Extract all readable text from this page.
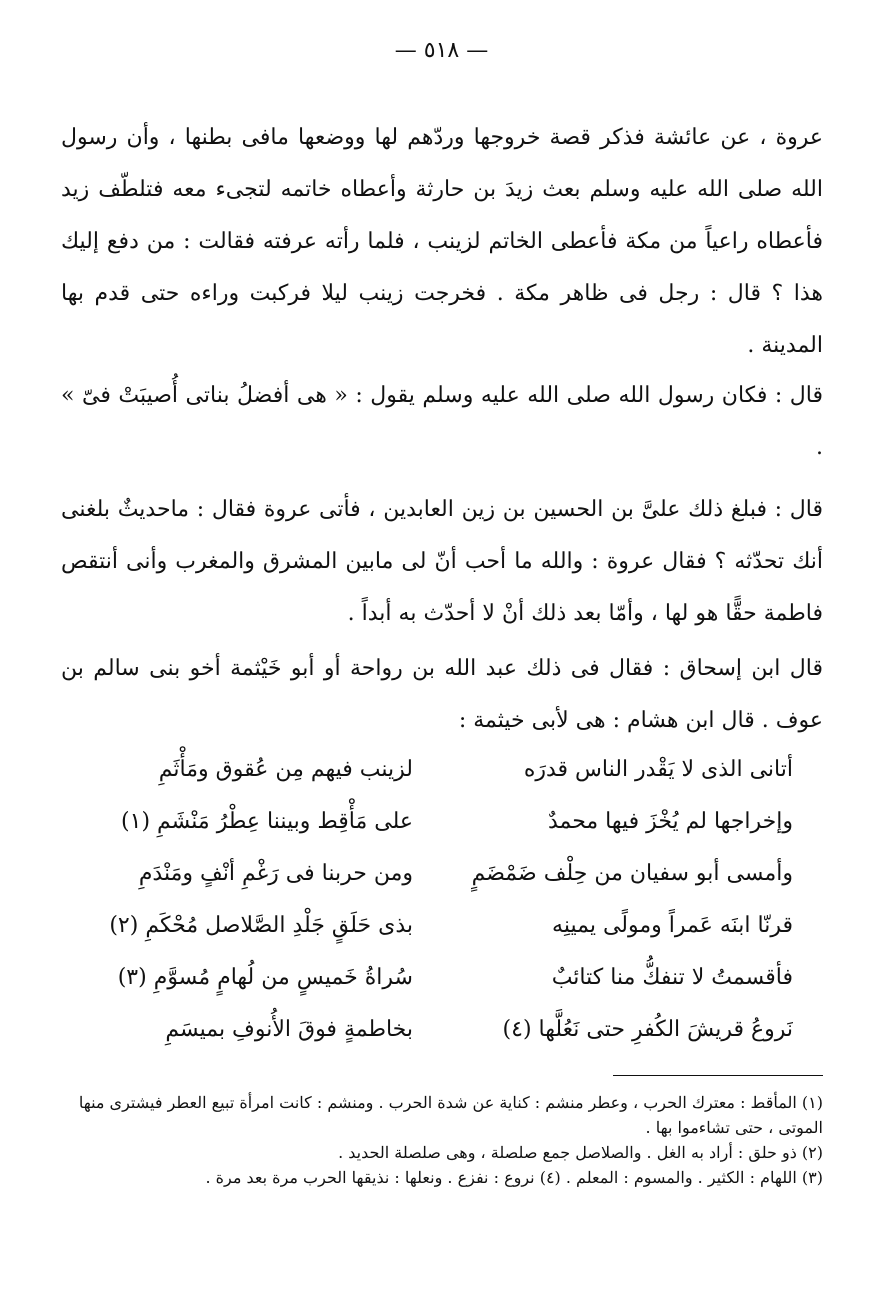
— ٥١٨ —

عروة ، عن عائشة فذكر قصة خروجها وردّهم لها ووضعها مافى بطنها ، وأن رسول الله صلى الله عليه وسلم بعث زيدَ بن حارثة وأعطاه خاتمه لتجىء معه فتلطّف زيد فأعطاه راعياً من مكة فأعطى الخاتم لزينب ، فلما رأته عرفته فقالت : من دفع إليك هذا ؟ قال : رجل فى ظاهر مكة . فخرجت زينب ليلا فركبت وراءه حتى قدم بها المدينة .

قال : فكان رسول الله صلى الله عليه وسلم يقول : « هى أفضلُ بناتى أُصيبَتْ فىّ » .

قال : فبلغ ذلك علىَّ بن الحسين بن زين العابدين ، فأتى عروة فقال : ماحديثٌ بلغنى أنك تحدّثه ؟ فقال عروة : والله ما أحب أنّ لى مابين المشرق والمغرب وأنى أنتقص فاطمة حقًّا هو لها ، وأمّا بعد ذلك أنْ لا أحدّث به أبداً .

قال ابن إسحاق : فقال فى ذلك عبد الله بن رواحة أو أبو خَيْثمة أخو بنى سالم بن عوف . قال ابن هشام : هى لأبى خيثمة :

أتانى الذى لا يَقْدر الناس قدرَه
لزينب فيهم مِن عُقوق ومَأْثَمِ
وإخراجها لم يُخْزَ فيها محمدٌ
على مَأْقِط وبيننا عِطْرُ مَنْشَمِ (١)
وأمسى أبو سفيان من حِلْف ضَمْضَمٍ
ومن حربنا فى رَغْمِ أنْفٍ ومَنْدَمِ
قرنّا ابنَه عَمراً ومولًى يمينِه
بذى حَلَقٍ جَلْدِ الصَّلاصل مُحْكَمِ (٢)
فأقسمتُ لا تنفكُّ منا كتائبٌ
سُراةُ خَميسٍ من لُهامٍ مُسوَّمِ (٣)
نَروعُ قريشَ الكُفرِ حتى نَعُلَّها (٤)
بخاطمةٍ فوقَ الأُنوفِ بميسَمِ

(١) المأقط : معترك الحرب ، وعطر منشم : كناية عن شدة الحرب . ومنشم : كانت امرأة تبيع العطر فيشترى منها الموتى ، حتى تشاءموا بها .

(٢) ذو حلق : أراد به الغل . والصلاصل جمع صلصلة ، وهى صلصلة الحديد .

(٣) اللهام : الكثير . والمسوم : المعلم . (٤) نروع : نفزع . ونعلها : نذيقها الحرب مرة بعد مرة .
